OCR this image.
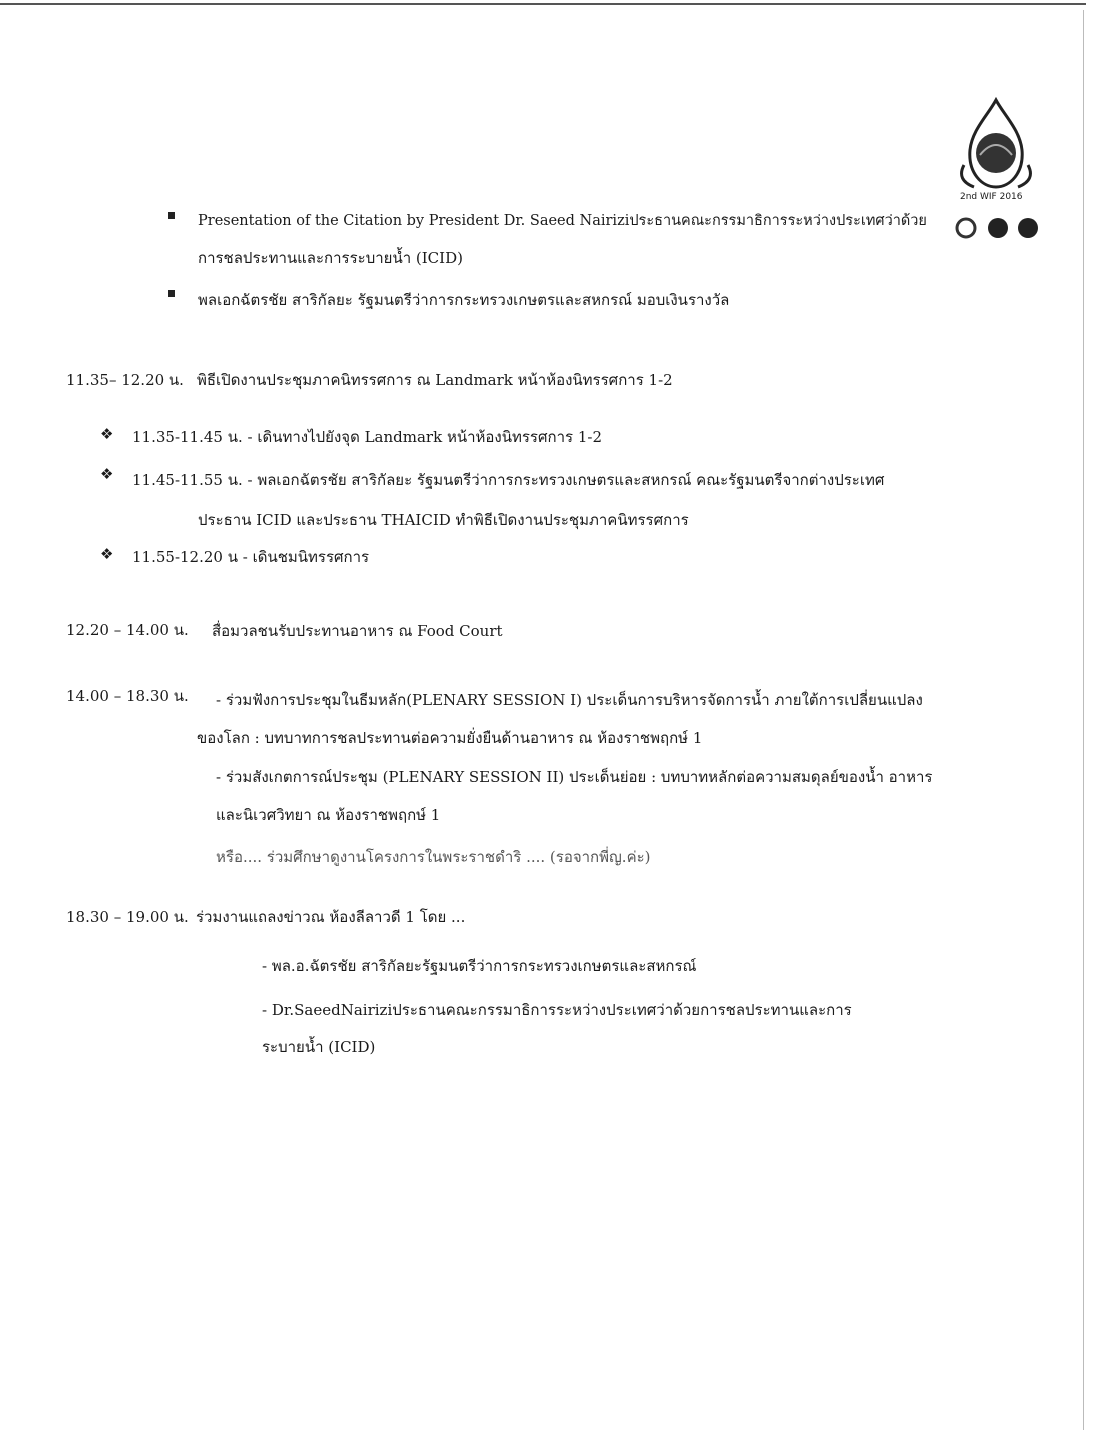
2nd WIF 2016
Presentation of the Citation by President Dr. Saeed Nairiziประธานคณะกรรมาธิการระหว่างประเทศว่าด้วย
การชลประทานและการระบายน้ำ (ICID)
พลเอกฉัตรชัย สาริกัลยะ รัฐมนตรีว่าการกระทรวงเกษตรและสหกรณ์ มอบเงินรางวัล
11.35– 12.20 น. พิธีเปิดงานประชุมภาคนิทรรศการ ณ Landmark หน้าห้องนิทรรศการ 1-2
❖ 11.35-11.45 น. - เดินทางไปยังจุด Landmark หน้าห้องนิทรรศการ 1-2
❖ 11.45-11.55 น. - พลเอกฉัตรชัย สาริกัลยะ รัฐมนตรีว่าการกระทรวงเกษตรและสหกรณ์ คณะรัฐมนตรีจากต่างประเทศ
ประธาน ICID และประธาน THAICID ทำพิธีเปิดงานประชุมภาคนิทรรศการ
❖ 11.55-12.20 น - เดินชมนิทรรศการ
12.20 – 14.00 น. สื่อมวลชนรับประทานอาหาร ณ Food Court
14.00 – 18.30 น. - ร่วมฟังการประชุมในธีมหลัก(PLENARY SESSION I) ประเด็นการบริหารจัดการน้ำ ภายใต้การเปลี่ยนแปลง
ของโลก : บทบาทการชลประทานต่อความยั่งยืนด้านอาหาร ณ ห้องราชพฤกษ์ 1
- ร่วมสังเกตการณ์ประชุม (PLENARY SESSION II) ประเด็นย่อย : บทบาทหลักต่อความสมดุลย์ของน้ำ อาหาร
และนิเวศวิทยา ณ ห้องราชพฤกษ์ 1
หรือ.... ร่วมศึกษาดูงานโครงการในพระราชดำริ .... (รอจากพี่ญ.ค่ะ)
18.30 – 19.00 น. ร่วมงานแถลงข่าวณ ห้องลีลาวดี 1 โดย ...
- พล.อ.ฉัตรชัย สาริกัลยะรัฐมนตรีว่าการกระทรวงเกษตรและสหกรณ์
- Dr.SaeedNairiziประธานคณะกรรมาธิการระหว่างประเทศว่าด้วยการชลประทานและการ
ระบายน้ำ (ICID)
